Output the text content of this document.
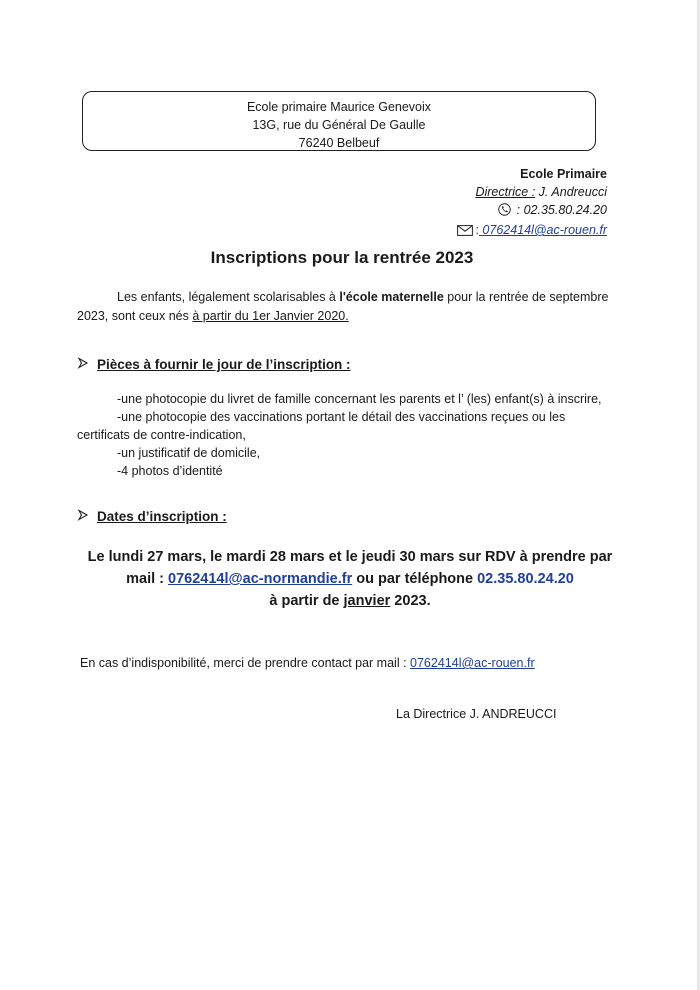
Ecole primaire Maurice Genevoix
13G, rue du Général De Gaulle
76240 Belbeuf
Ecole Primaire
Directrice : J. Andreucci
: 02.35.80.24.20
: 0762414l@ac-rouen.fr
Inscriptions pour la rentrée 2023
Les enfants, légalement scolarisables à l'école maternelle pour la rentrée de septembre 2023, sont ceux nés à partir du 1er Janvier 2020.
Pièces à fournir le jour de l’inscription :
-une photocopie du livret de famille concernant les parents et l’ (les) enfant(s) à inscrire,
-une photocopie des vaccinations portant le détail des vaccinations reçues ou les
certificats de contre-indication,
-un justificatif de domicile,
-4 photos d’identité
Dates d’inscription :
Le lundi 27 mars, le mardi 28 mars et le jeudi 30 mars sur RDV à prendre par
mail : 0762414l@ac-normandie.fr ou par téléphone 02.35.80.24.20
à partir de janvier 2023.
En cas d’indisponibilité, merci de prendre contact par mail : 0762414l@ac-rouen.fr
La Directrice J. ANDREUCCI
